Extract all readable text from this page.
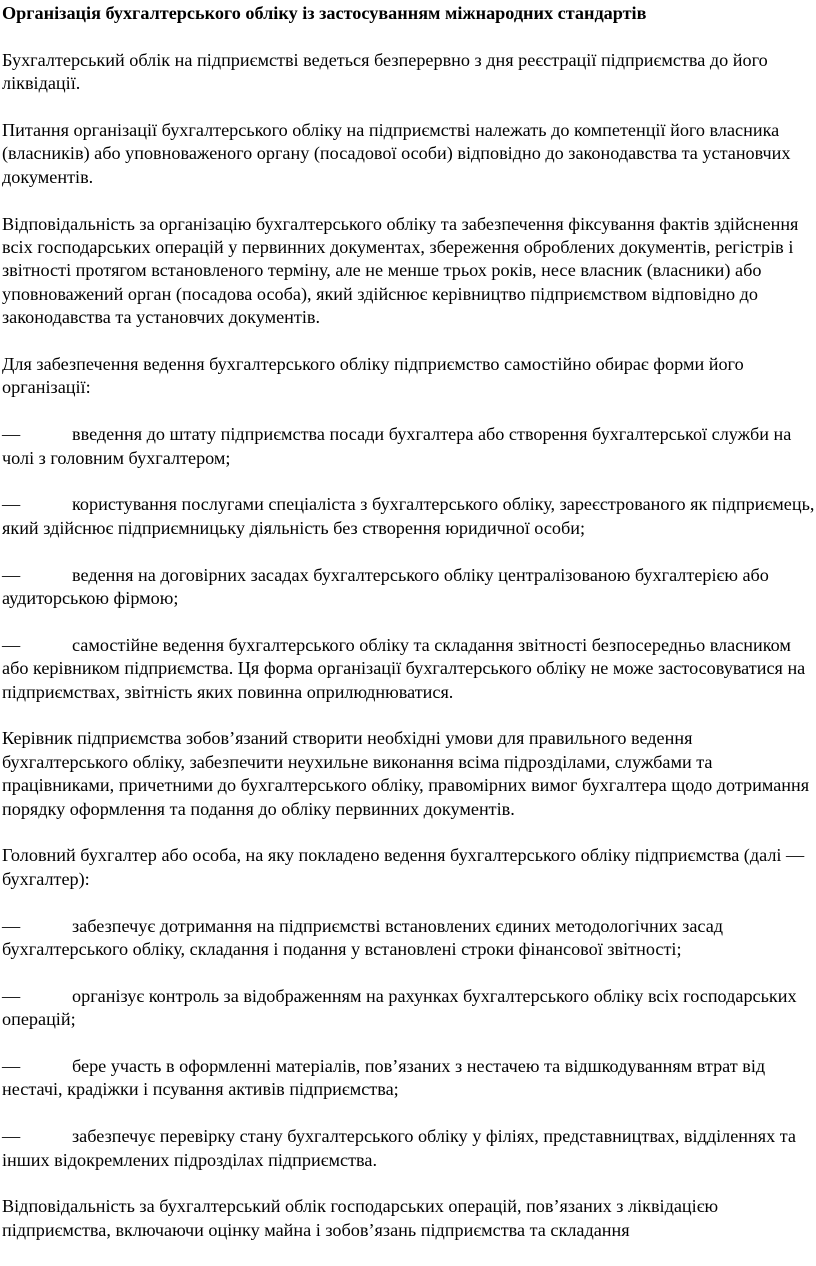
Організація бухгалтерського обліку із застосуванням міжнародних стандартів
Бухгалтерський облік на підприємстві ведеться безперервно з дня реєстрації підприємства до його ліквідації.
Питання організації бухгалтерського обліку на підприємстві належать до компетенції його власника (власників) або уповноваженого органу (посадової особи) відповідно до законодавства та установчих документів.
Відповідальність за організацію бухгалтерського обліку та забезпечення фіксування фактів здійснення всіх господарських операцій у первинних документах, збереження оброблених документів, регістрів і звітності протягом встановленого терміну, але не менше трьох років, несе власник (власники) або уповноважений орган (посадова особа), який здійснює керівництво підприємством відповідно до законодавства та установчих документів.
Для забезпечення ведення бухгалтерського обліку підприємство самостійно обирає форми його організації:
—	введення до штату підприємства посади бухгалтера або створення бухгалтерської служби на чолі з головним бухгалтером;
—	користування послугами спеціаліста з бухгалтерського обліку, зареєстрованого як підприємець, який здійснює підприємницьку діяльність без створення юридичної особи;
—	ведення на договірних засадах бухгалтерського обліку централізованою бухгалтерією або аудиторською фірмою;
—	самостійне ведення бухгалтерського обліку та складання звітності безпосередньо власником або керівником підприємства. Ця форма організації бухгалтерського обліку не може застосовуватися на підприємствах, звітність яких повинна оприлюднюватися.
Керівник підприємства зобов’язаний створити необхідні умови для правильного ведення бухгалтерського обліку, забезпечити неухильне виконання всіма підрозділами, службами та працівниками, причетними до бухгалтерського обліку, правомірних вимог бухгалтера щодо дотримання порядку оформлення та подання до обліку первинних документів.
Головний бухгалтер або особа, на яку покладено ведення бухгалтерського обліку підприємства (далі — бухгалтер):
—	забезпечує дотримання на підприємстві встановлених єдиних методологічних засад бухгалтерського обліку, складання і подання у встановлені строки фінансової звітності;
—	організує контроль за відображенням на рахунках бухгалтерського обліку всіх господарських операцій;
—	бере участь в оформленні матеріалів, пов’язаних з нестачею та відшкодуванням втрат від нестачі, крадіжки і псування активів підприємства;
—	забезпечує перевірку стану бухгалтерського обліку у філіях, представництвах, відділеннях та інших відокремлених підрозділах підприємства.
Відповідальність за бухгалтерський облік господарських операцій, пов’язаних з ліквідацією підприємства, включаючи оцінку майна і зобов’язань підприємства та складання
